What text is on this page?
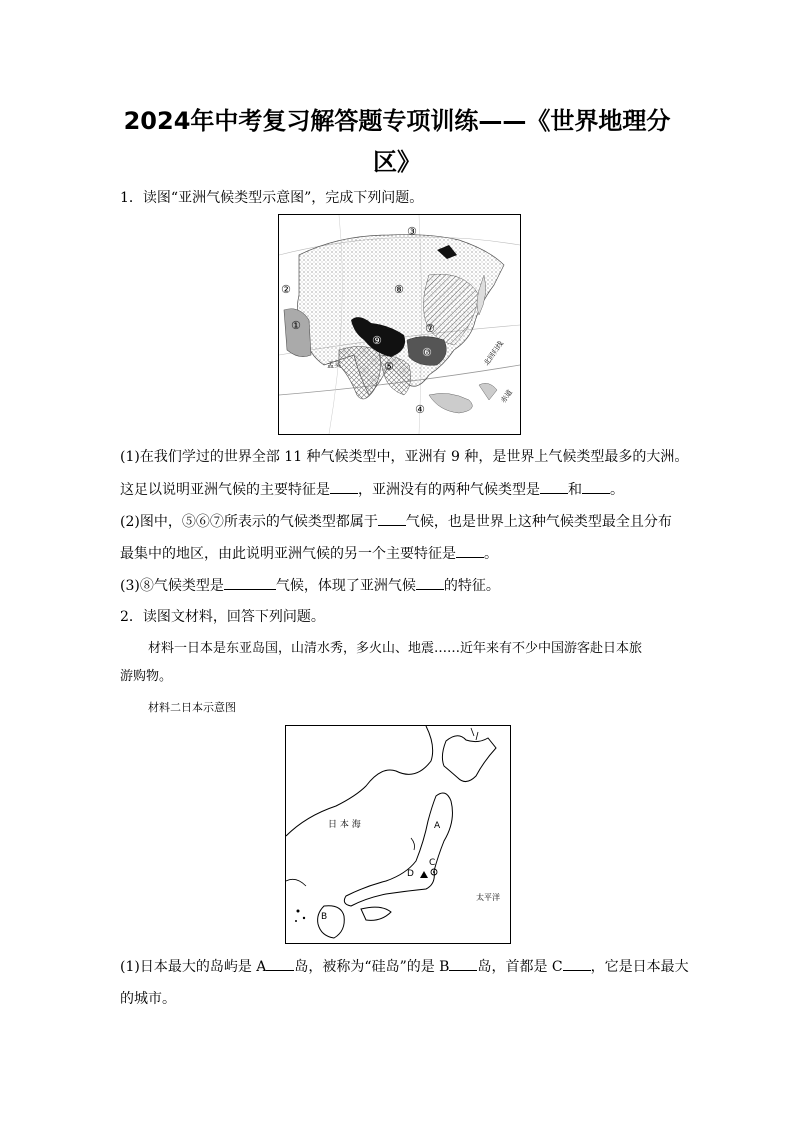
2024年中考复习解答题专项训练——《世界地理分
区》
1．读图“亚洲气候类型示意图”，完成下列问题。
①
②
③
④
⑤
⑥
⑦
⑧
⑨	北回归线
赤道
孟买
(1)在我们学过的世界全部 11 种气候类型中，亚洲有 9 种，是世界上气候类型最多的大洲。
这足以说明亚洲气候的主要特征是 ，亚洲没有的两种气候类型是 和 。
(2)图中，⑤⑥⑦所表示的气候类型都属于 气候，也是世界上这种气候类型最全且分布
最集中的地区，由此说明亚洲气候的另一个主要特征是 。
(3)⑧气候类型是	气候，体现了亚洲气候 的特征。
2．读图文材料，回答下列问题。
材料一日本是东亚岛国，山清水秀，多火山、地震……近年来有不少中国游客赴日本旅
游购物。
材料二日本示意图
日 本 海
太平洋
A
B
C
D
(1)日本最大的岛屿是 A 岛，被称为“硅岛”的是 B 岛，首都是 C ，它是日本最大
的城市。
